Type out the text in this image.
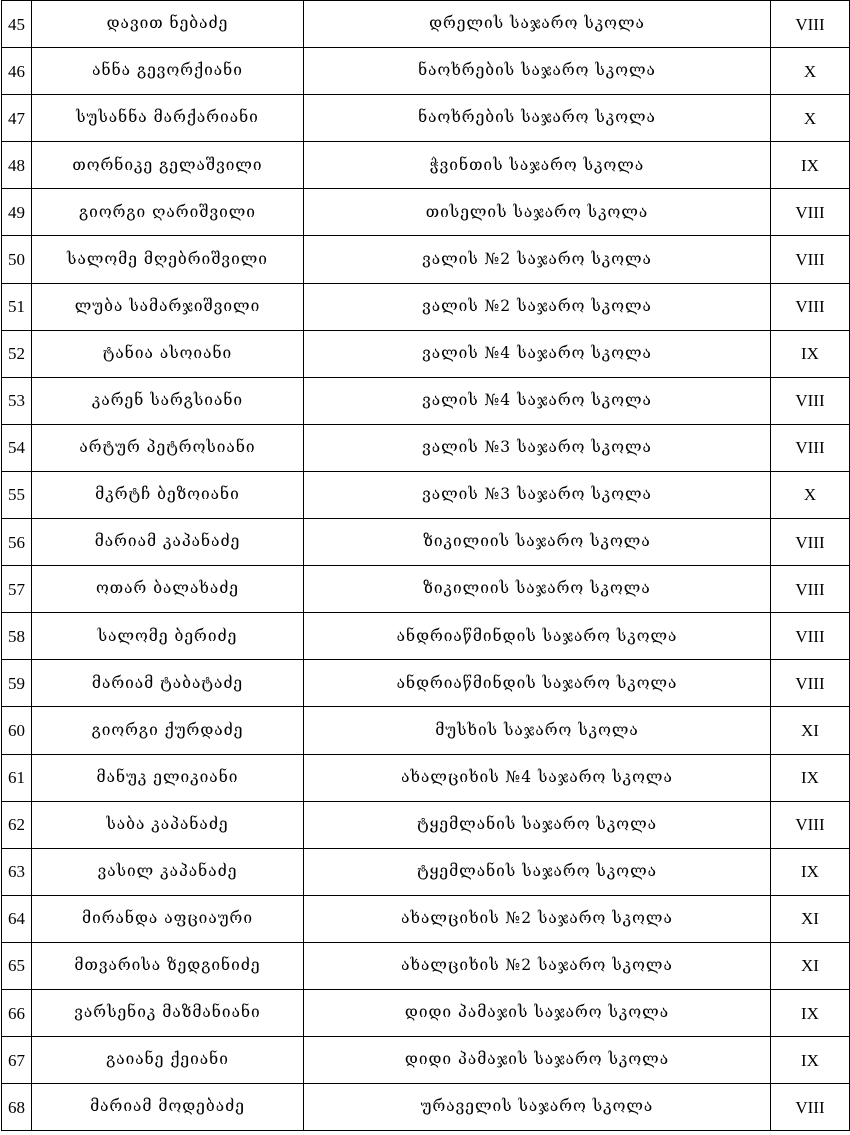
45	დავით ნებაძე	დრელის საჯარო სკოლა	VIII
46	ანნა გევორქიანი	ნაოხრების საჯარო სკოლა	X
47	სუსანნა მარქარიანი	ნაოხრების საჯარო სკოლა	X
48	თორნიკე გელაშვილი	ჭვინთის საჯარო სკოლა	IX
49	გიორგი ღარიშვილი	თისელის საჯარო სკოლა	VIII
50	სალომე მღებრიშვილი	ვალის №2 საჯარო სკოლა	VIII
51	ლუბა სამარჯიშვილი	ვალის №2 საჯარო სკოლა	VIII
52	ტანია ასოიანი	ვალის №4 საჯარო სკოლა	IX
53	კარენ სარგსიანი	ვალის №4 საჯარო სკოლა	VIII
54	არტურ პეტროსიანი	ვალის №3 საჯარო სკოლა	VIII
55	მკრტჩ ბეზოიანი	ვალის №3 საჯარო სკოლა	X
56	მარიამ კაპანაძე	ზიკილიის საჯარო სკოლა	VIII
57	ოთარ ბალახაძე	ზიკილიის საჯარო სკოლა	VIII
58	სალომე ბერიძე	ანდრიაწმინდის საჯარო სკოლა	VIII
59	მარიამ ტაბატაძე	ანდრიაწმინდის საჯარო სკოლა	VIII
60	გიორგი ქურდაძე	მუსხის საჯარო სკოლა	XI
61	მანუკ ელიკიანი	ახალციხის №4 საჯარო სკოლა	IX
62	საბა კაპანაძე	ტყემლანის საჯარო სკოლა	VIII
63	ვასილ კაპანაძე	ტყემლანის საჯარო სკოლა	IX
64	მირანდა აფციაური	ახალციხის №2 საჯარო სკოლა	XI
65	მთვარისა ზედგინიძე	ახალციხის №2 საჯარო სკოლა	XI
66	ვარსენიკ მაზმანიანი	დიდი პამაჯის საჯარო სკოლა	IX
67	გაიანე ქეიანი	დიდი პამაჯის საჯარო სკოლა	IX
68	მარიამ მოდებაძე	ურაველის საჯარო სკოლა	VIII
